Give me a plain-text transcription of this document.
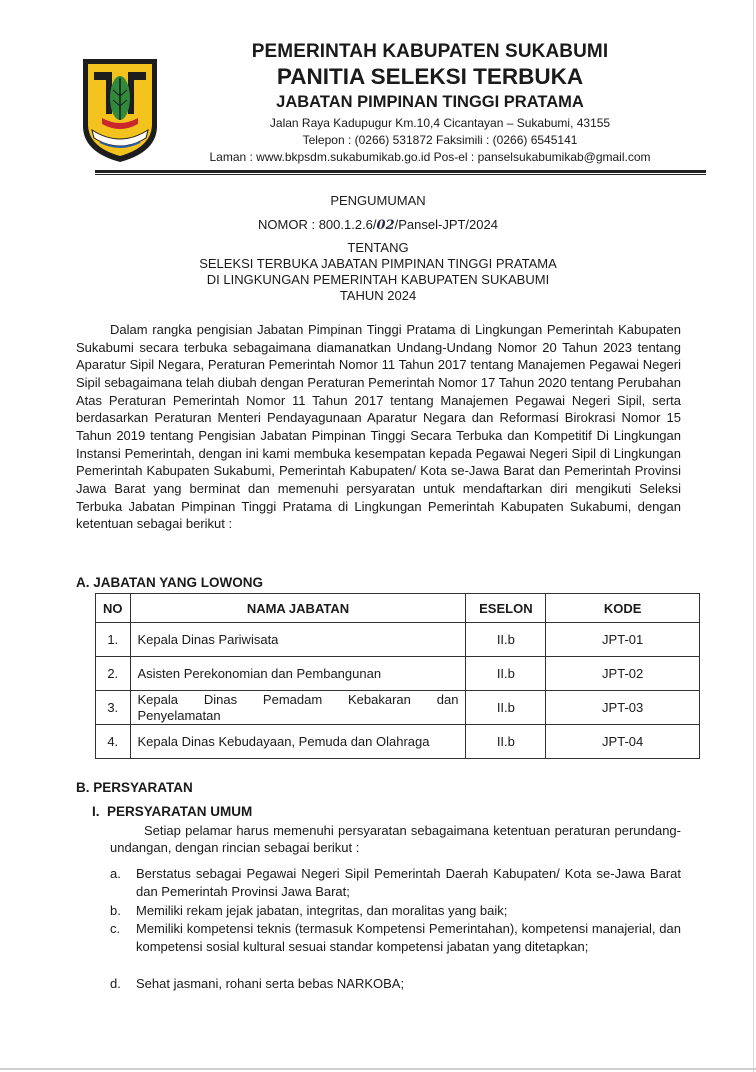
PEMERINTAH KABUPATEN SUKABUMI
PANITIA SELEKSI TERBUKA
JABATAN PIMPINAN TINGGI PRATAMA
Jalan Raya Kadupugur Km.10,4 Cicantayan – Sukabumi, 43155
Telepon : (0266) 531872 Faksimili : (0266) 6545141
Laman : www.bkpsdm.sukabumikab.go.id Pos-el : panselsukabumikab@gmail.com
PENGUMUMAN
NOMOR : 800.1.2.6/02/Pansel-JPT/2024
TENTANG
SELEKSI TERBUKA JABATAN PIMPINAN TINGGI PRATAMA
DI LINGKUNGAN PEMERINTAH KABUPATEN SUKABUMI
TAHUN 2024
Dalam rangka pengisian Jabatan Pimpinan Tinggi Pratama di Lingkungan Pemerintah Kabupaten Sukabumi secara terbuka sebagaimana diamanatkan Undang-Undang Nomor 20 Tahun 2023 tentang Aparatur Sipil Negara, Peraturan Pemerintah Nomor 11 Tahun 2017 tentang Manajemen Pegawai Negeri Sipil sebagaimana telah diubah dengan Peraturan Pemerintah Nomor 17 Tahun 2020 tentang Perubahan Atas Peraturan Pemerintah Nomor 11 Tahun 2017 tentang Manajemen Pegawai Negeri Sipil, serta berdasarkan Peraturan Menteri Pendayagunaan Aparatur Negara dan Reformasi Birokrasi Nomor 15 Tahun 2019 tentang Pengisian Jabatan Pimpinan Tinggi Secara Terbuka dan Kompetitif Di Lingkungan Instansi Pemerintah, dengan ini kami membuka kesempatan kepada Pegawai Negeri Sipil di Lingkungan Pemerintah Kabupaten Sukabumi, Pemerintah Kabupaten/ Kota se-Jawa Barat dan Pemerintah Provinsi Jawa Barat yang berminat dan memenuhi persyaratan untuk mendaftarkan diri mengikuti Seleksi Terbuka Jabatan Pimpinan Tinggi Pratama di Lingkungan Pemerintah Kabupaten Sukabumi, dengan ketentuan sebagai berikut :
A. JABATAN YANG LOWONG
NO	NAMA JABATAN	ESELON	KODE
1.	Kepala Dinas Pariwisata	II.b	JPT-01
2.	Asisten Perekonomian dan Pembangunan	II.b	JPT-02
3.	Kepala Dinas Pemadam Kebakaran dan
Penyelamatan	II.b	JPT-03
4.	Kepala Dinas Kebudayaan, Pemuda dan Olahraga	II.b	JPT-04
B. PERSYARATAN
I.  PERSYARATAN UMUM
Setiap pelamar harus memenuhi persyaratan sebagaimana ketentuan peraturan perundang-undangan, dengan rincian sebagai berikut :
a.	Berstatus sebagai Pegawai Negeri Sipil Pemerintah Daerah Kabupaten/ Kota se-Jawa Barat dan Pemerintah Provinsi Jawa Barat;
b.	Memiliki rekam jejak jabatan, integritas, dan moralitas yang baik;
c.	Memiliki kompetensi teknis (termasuk Kompetensi Pemerintahan), kompetensi manajerial, dan kompetensi sosial kultural sesuai standar kompetensi jabatan yang ditetapkan;
d.	Sehat jasmani, rohani serta bebas NARKOBA;
